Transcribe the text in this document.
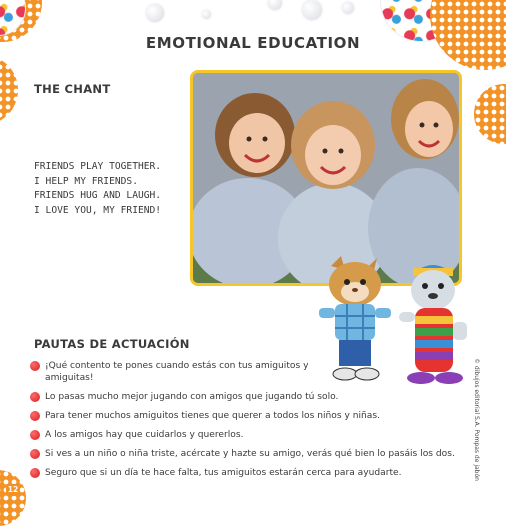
EMOTIONAL EDUCATION
THE CHANT
FRIENDS PLAY TOGETHER.
I HELP MY FRIENDS.
FRIENDS HUG AND LAUGH.
I LOVE YOU, MY FRIEND!
PAUTAS DE ACTUACIÓN
¡Qué contento te pones cuando estás con tus amiguitos y amiguitas!
Lo pasas mucho mejor jugando con amigos que jugando tú solo.
Para tener muchos amiguitos tienes que querer a todos los niños y niñas.
A los amigos hay que cuidarlos y quererlos.
Si ves a un niño o niña triste, acércate y hazte su amigo, verás qué bien lo pasáis los dos.
Seguro que si un día te hace falta, tus amiguitos estarán cerca para ayudarte.
12
© dibujos editorial S.A. Pompas de jabón
